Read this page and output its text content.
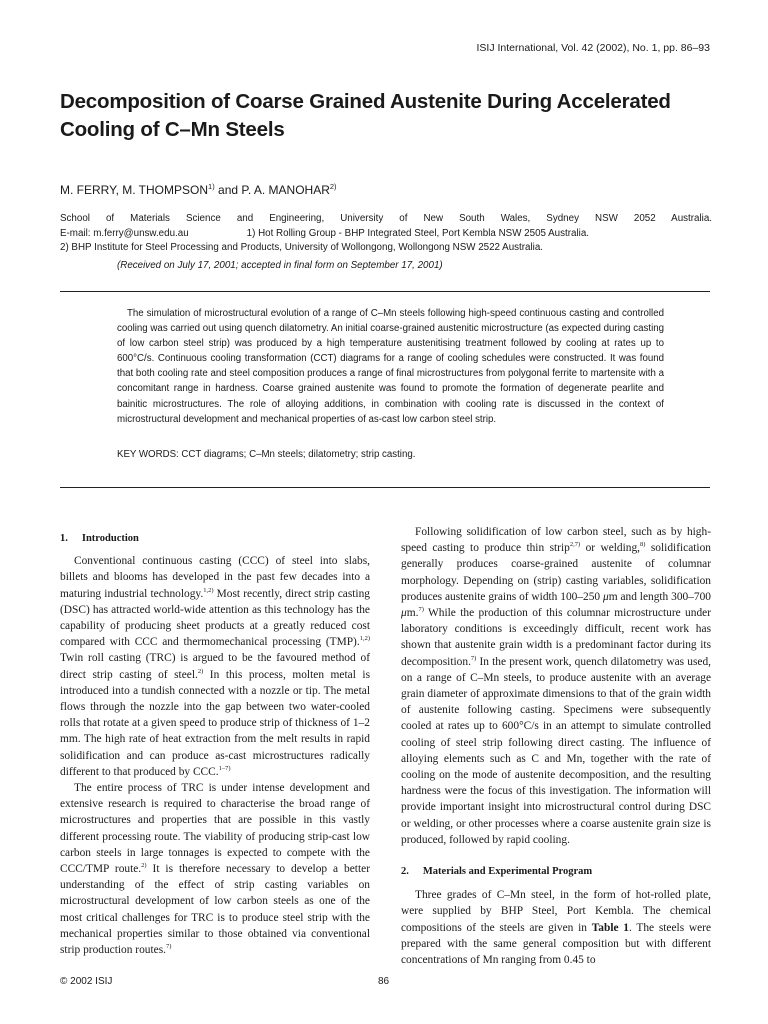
ISIJ International, Vol. 42 (2002), No. 1, pp. 86–93
Decomposition of Coarse Grained Austenite During Accelerated Cooling of C–Mn Steels
M. FERRY, M. THOMPSON$^{1)}$ and P. A. MANOHAR$^{2)}$
School of Materials Science and Engineering, University of New South Wales, Sydney NSW 2052 Australia.
E-mail: m.ferry@unsw.edu.au	1) Hot Rolling Group - BHP Integrated Steel, Port Kembla NSW 2505 Australia.
2) BHP Institute for Steel Processing and Products, University of Wollongong, Wollongong NSW 2522 Australia.
(Received on July 17, 2001; accepted in final form on September 17, 2001)
The simulation of microstructural evolution of a range of C–Mn steels following high-speed continuous casting and controlled cooling was carried out using quench dilatometry. An initial coarse-grained austenitic microstructure (as expected during casting of low carbon steel strip) was produced by a high temperature austenitising treatment followed by cooling at rates up to 600°C/s. Continuous cooling transformation (CCT) diagrams for a range of cooling schedules were constructed. It was found that both cooling rate and steel composition produces a range of final microstructures from polygonal ferrite to martensite with a concomitant range in hardness. Coarse grained austenite was found to promote the formation of degenerate pearlite and bainitic microstructures. The role of alloying additions, in combination with cooling rate is discussed in the context of microstructural development and mechanical properties of as-cast low carbon steel strip.
KEY WORDS: CCT diagrams; C–Mn steels; dilatometry; strip casting.
1. Introduction

Conventional continuous casting (CCC) of steel into slabs, billets and blooms has developed in the past few decades into a maturing industrial technology.$^{1,2)}$ Most recently, direct strip casting (DSC) has attracted world-wide attention as this technology has the capability of producing sheet products at a greatly reduced cost compared with CCC and thermomechanical processing (TMP).$^{1,2)}$ Twin roll casting (TRC) is argued to be the favoured method of direct strip casting of steel.$^{2)}$ In this process, molten metal is introduced into a tundish connected with a nozzle or tip. The metal flows through the nozzle into the gap between two water-cooled rolls that rotate at a given speed to produce strip of thickness of 1–2 mm. The high rate of heat extraction from the melt results in rapid solidification and can produce as-cast microstructures radically different to that produced by CCC.$^{1-7)}$

The entire process of TRC is under intense development and extensive research is required to characterise the broad range of microstructures and properties that are possible in this vastly different processing route. The viability of producing strip-cast low carbon steels in large tonnages is expected to compete with the CCC/TMP route.$^{2)}$ It is therefore necessary to develop a better understanding of the effect of strip casting variables on microstructural development of low carbon steels as one of the most critical challenges for TRC is to produce steel strip with the mechanical properties similar to those obtained via conventional strip production routes.$^{7)}$

Following solidification of low carbon steel, such as by high-speed casting to produce thin strip$^{2,7)}$ or welding,$^{8)}$ solidification generally produces coarse-grained austenite of columnar morphology. Depending on (strip) casting variables, solidification produces austenite grains of width 100–250 μm and length 300–700 μm.$^{7)}$ While the production of this columnar microstructure under laboratory conditions is exceedingly difficult, recent work has shown that austenite grain width is a predominant factor during its decomposition.$^{7)}$ In the present work, quench dilatometry was used, on a range of C–Mn steels, to produce austenite with an average grain diameter of approximate dimensions to that of the grain width of austenite following casting. Specimens were subsequently cooled at rates up to 600°C/s in an attempt to simulate controlled cooling of steel strip following direct casting. The influence of alloying elements such as C and Mn, together with the rate of cooling on the mode of austenite decomposition, and the resulting hardness were the focus of this investigation. The information will provide important insight into microstructural control during DSC or welding, or other processes where a coarse austenite grain size is produced, followed by rapid cooling.

2. Materials and Experimental Program

Three grades of C–Mn steel, in the form of hot-rolled plate, were supplied by BHP Steel, Port Kembla. The chemical compositions of the steels are given in Table 1. The steels were prepared with the same general composition but with different concentrations of Mn ranging from 0.45 to

© 2002 ISIJ	86
